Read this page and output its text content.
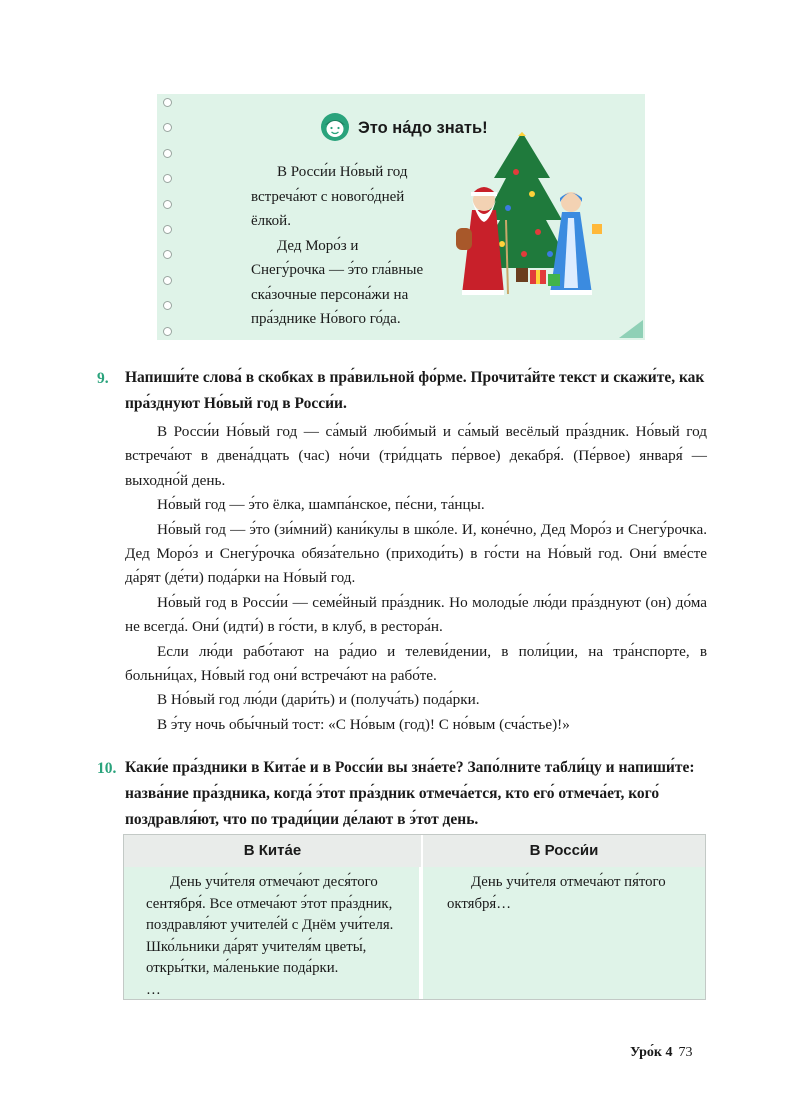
Это на́до знать!

В Росси́и Но́вый год встреча́ют с нового́дней ёлкой.

Дед Моро́з и Снегу́рочка — э́то гла́вные ска́зочные персона́жи на пра́зднике Но́вого го́да.

9. Напиши́те слова́ в скобках в пра́вильной фо́рме. Прочита́йте текст и скажи́те, как пра́зднуют Но́вый год в Росси́и.

В Росси́и Но́вый год — са́мый люби́мый и са́мый весёлый пра́здник. Но́вый год встреча́ют в двена́дцать (час) но́чи (три́дцать пе́рвое) декабря́. (Пе́рвое) января́ — выходно́й день.

Но́вый год — э́то ёлка, шампа́нское, пе́сни, та́нцы.

Но́вый год — э́то (зи́мний) кани́кулы в шко́ле. И, коне́чно, Дед Моро́з и Снегу́рочка. Дед Моро́з и Снегу́рочка обяза́тельно (приходи́ть) в го́сти на Но́вый год. Они́ вме́сте да́рят (де́ти) пода́рки на Но́вый год.

Но́вый год в Росси́и — семе́йный пра́здник. Но молоды́е лю́ди пра́зднуют (он) до́ма не всегда́. Они́ (идти́) в го́сти, в клуб, в рестора́н.

Если лю́ди рабо́тают на ра́дио и телеви́дении, в поли́ции, на тра́нспорте, в больни́цах, Но́вый год они́ встреча́ют на рабо́те.

В Но́вый год лю́ди (дари́ть) и (получа́ть) пода́рки.

В э́ту ночь обы́чный тост: «С Но́вым (год)! С но́вым (сча́стье)!»

10. Каки́е пра́здники в Кита́е и в Росси́и вы зна́ете? Запо́лните табли́цу и напиши́те: назва́ние пра́здника, когда́ э́тот пра́здник отмеча́ется, кто его́ отмеча́ет, кого́ поздравля́ют, что по тради́ции де́лают в э́тот день.
В Кита́е	В Росси́и

День учи́теля отмеча́ют деся́того сентября́. Все отмеча́ют э́тот пра́здник, поздравля́ют учителе́й с Днём учи́теля.

Шко́льники да́рят учителя́м цветы́, откры́тки, ма́ленькие пода́рки.

…

День учи́теля отмеча́ют пя́того октября́…

Уро́к 4 73
